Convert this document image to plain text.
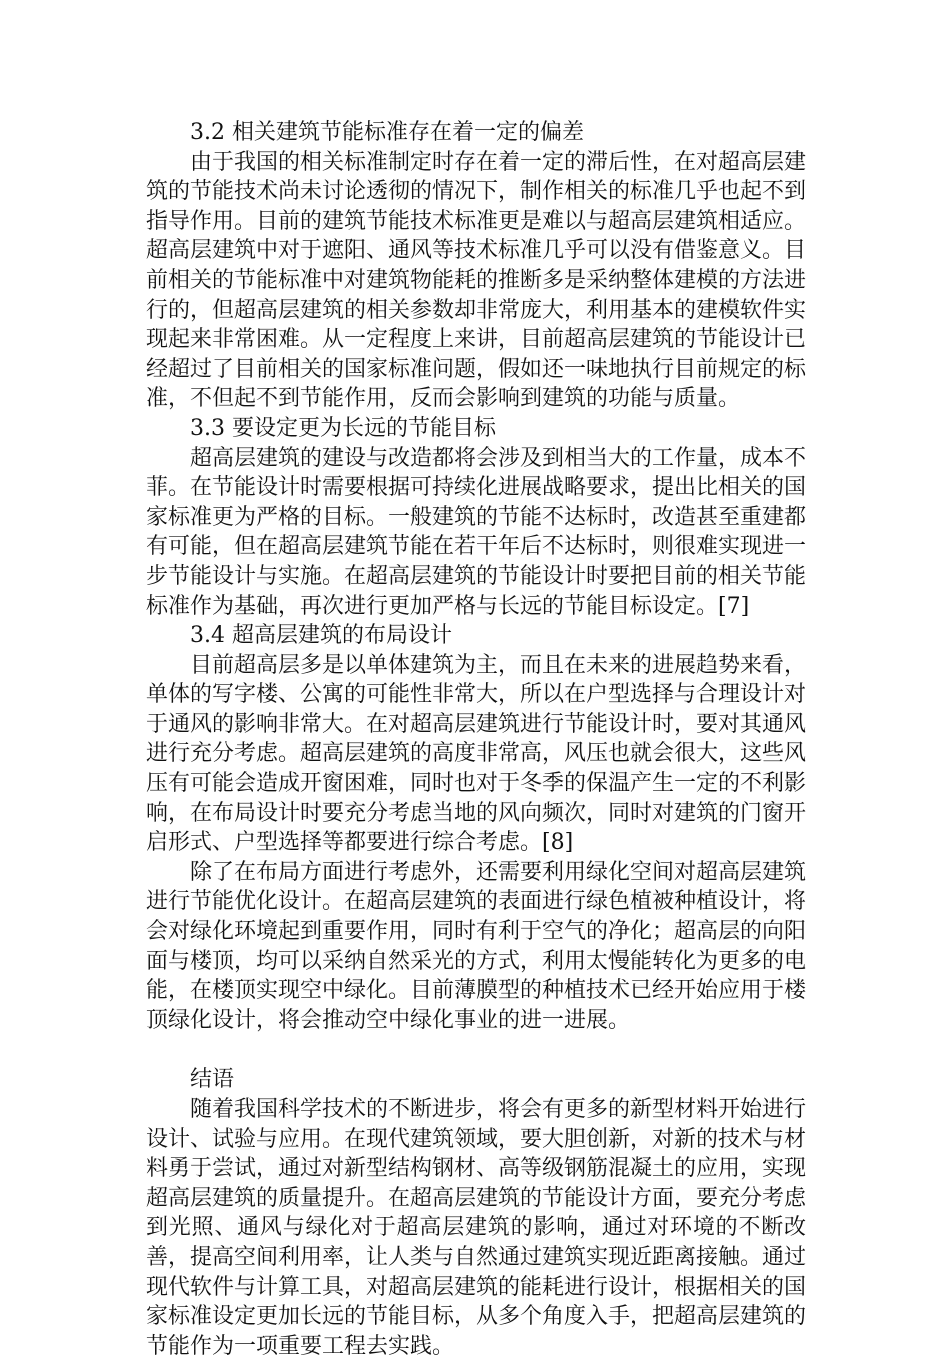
3.2 相关建筑节能标准存在着一定的偏差

由于我国的相关标准制定时存在着一定的滞后性，在对超高层建筑的节能技术尚未讨论透彻的情况下，制作相关的标准几乎也起不到指导作用。目前的建筑节能技术标准更是难以与超高层建筑相适应。超高层建筑中对于遮阳、通风等技术标准几乎可以没有借鉴意义。目前相关的节能标准中对建筑物能耗的推断多是采纳整体建模的方法进行的，但超高层建筑的相关参数却非常庞大，利用基本的建模软件实现起来非常困难。从一定程度上来讲，目前超高层建筑的节能设计已经超过了目前相关的国家标准问题，假如还一味地执行目前规定的标准，不但起不到节能作用，反而会影响到建筑的功能与质量。

3.3 要设定更为长远的节能目标

超高层建筑的建设与改造都将会涉及到相当大的工作量，成本不菲。在节能设计时需要根据可持续化进展战略要求，提出比相关的国家标准更为严格的目标。一般建筑的节能不达标时，改造甚至重建都有可能，但在超高层建筑节能在若干年后不达标时，则很难实现进一步节能设计与实施。在超高层建筑的节能设计时要把目前的相关节能标准作为基础，再次进行更加严格与长远的节能目标设定。[7]

3.4 超高层建筑的布局设计

目前超高层多是以单体建筑为主，而且在未来的进展趋势来看，单体的写字楼、公寓的可能性非常大，所以在户型选择与合理设计对于通风的影响非常大。在对超高层建筑进行节能设计时，要对其通风进行充分考虑。超高层建筑的高度非常高，风压也就会很大，这些风压有可能会造成开窗困难，同时也对于冬季的保温产生一定的不利影响，在布局设计时要充分考虑当地的风向频次，同时对建筑的门窗开启形式、户型选择等都要进行综合考虑。[8]

除了在布局方面进行考虑外，还需要利用绿化空间对超高层建筑进行节能优化设计。在超高层建筑的表面进行绿色植被种植设计，将会对绿化环境起到重要作用，同时有利于空气的净化；超高层的向阳面与楼顶，均可以采纳自然采光的方式，利用太慢能转化为更多的电能，在楼顶实现空中绿化。目前薄膜型的种植技术已经开始应用于楼顶绿化设计，将会推动空中绿化事业的进一进展。

结语

随着我国科学技术的不断进步，将会有更多的新型材料开始进行设计、试验与应用。在现代建筑领域，要大胆创新，对新的技术与材料勇于尝试，通过对新型结构钢材、高等级钢筋混凝土的应用，实现超高层建筑的质量提升。在超高层建筑的节能设计方面，要充分考虑到光照、通风与绿化对于超高层建筑的影响，通过对环境的不断改善，提高空间利用率，让人类与自然通过建筑实现近距离接触。通过现代软件与计算工具，对超高层建筑的能耗进行设计，根据相关的国家标准设定更加长远的节能目标，从多个角度入手，把超高层建筑的节能作为一项重要工程去实践。
